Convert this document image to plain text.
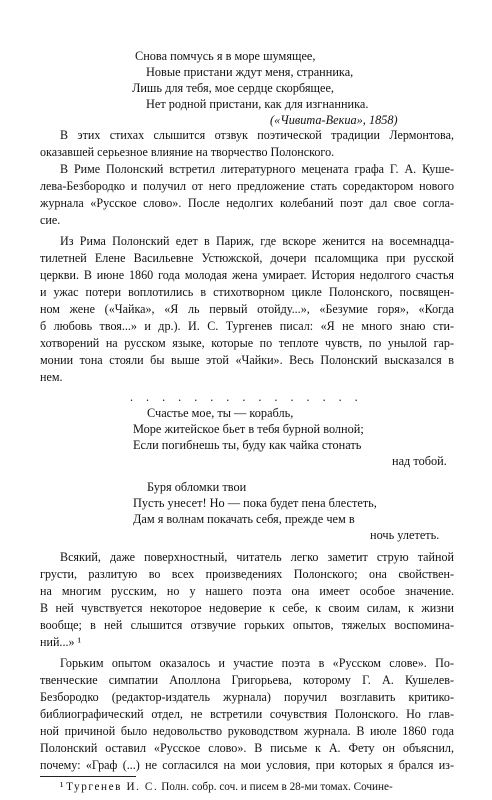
Снова помчусь я в море шумящее,
Новые пристани ждут меня, странника,
Лишь для тебя, мое сердце скорбящее,
Нет родной пристани, как для изгнанника.
(«Чивита-Векиа», 1858)
В этих стихах слышится отзвук поэтической традиции Лермонтова,
оказавшей серьезное влияние на творчество Полонского.
В Риме Полонский встретил литературного мецената графа Г. А. Кушe-
лева-Безбородко и получил от него предложение стать соредактором нового
журнала «Русское слово». После недолгих колебаний поэт дал свое согла-
сие.
Из Рима Полонский едет в Париж, где вскоре женится на восемнадца-
тилетней Елене Васильевне Устюжской, дочери псаломщика при русской
церкви. В июне 1860 года молодая жена умирает. История недолгого счастья
и ужас потери воплотились в стихотворном цикле Полонского, посвящен-
ном жене («Чайка», «Я ль первый отойду...», «Безумие горя», «Когда
б любовь твоя...» и др.). И. С. Тургенев писал: «Я не много знаю сти-
хотворений на русском языке, которые по теплоте чувств, по унылой гар-
монии тона стояли бы выше этой «Чайки». Весь Полонский высказался в
нем.
. . . . . . . . . . . . . . .
Счастье мое, ты — корабль,
Море житейское бьет в тебя бурной волной;
Если погибнешь ты, буду как чайка стонать
над тобой.
Буря обломки твои
Пусть унесет! Но — пока будет пена блестеть,
Дам я волнам покачать себя, прежде чем в
ночь улететь.
Всякий, даже поверхностный, читатель легко заметит струю тайной
грусти, разлитую во всех произведениях Полонского; она свойствен-
на многим русским, но у нашего поэта она имеет особое значение.
В ней чувствуется некоторое недоверие к себе, к своим силам, к жизни
вообще; в ней слышится отзвучие горьких опытов, тяжелых воспомина-
ний...» ¹
Горьким опытом оказалось и участие поэта в «Русском слове». По-
твенческие симпатии Аполлона Григорьева, которому Г. А. Кушелев-
Безбородко (редактор-издатель журнала) поручил возглавить критико-
библиографический отдел, не встретили сочувствия Полонского. Но глав-
ной причиной было недовольство руководством журнала. В июле 1860 года
Полонский оставил «Русское слово». В письме к А. Фету он объяснил,
почему: «Граф (...) не согласился на мои условия, при которых я брался из-
¹ Тургенев И. С. Полн. собр. соч. и писем в 28-ми томах. Сочине-
